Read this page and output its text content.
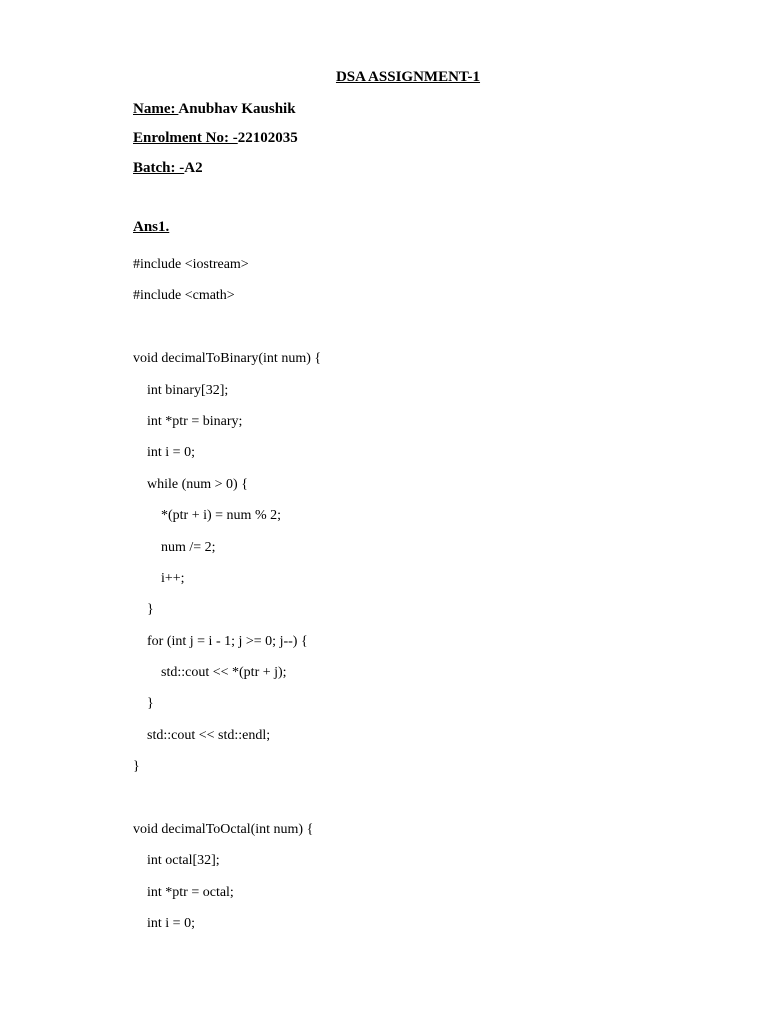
DSA ASSIGNMENT-1
Name: Anubhav Kaushik
Enrolment No: -22102035
Batch: -A2
Ans1.
#include <iostream>
#include <cmath>
void decimalToBinary(int num) {
int binary[32];
int *ptr = binary;
int i = 0;
while (num > 0) {
*(ptr + i) = num % 2;
num /= 2;
i++;
}
for (int j = i - 1; j >= 0; j--) {
std::cout << *(ptr + j);
}
std::cout << std::endl;
}
void decimalToOctal(int num) {
int octal[32];
int *ptr = octal;
int i = 0;
